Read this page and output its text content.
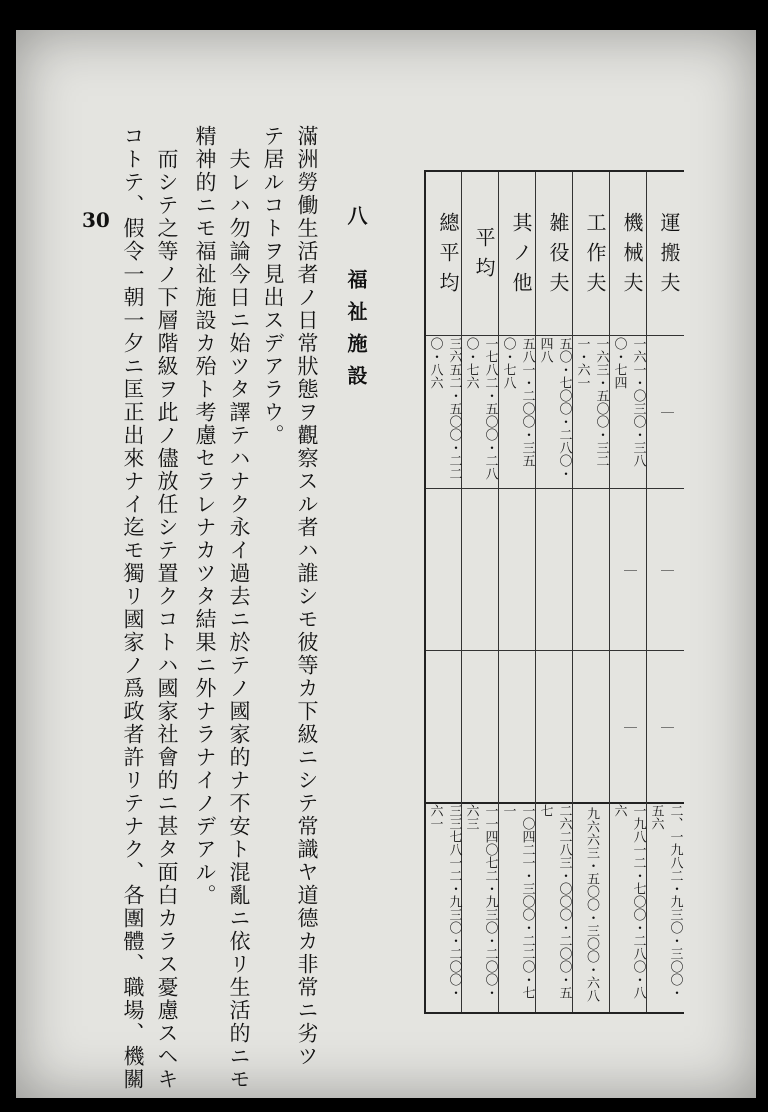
30	運搬夫
｜
｜
｜
二、一九八二・九三〇・三〇〇・五六
機械夫
一六一・〇三〇・三八〇・七四
｜
｜
一九八一二・七〇〇・二八〇・八六
工作夫
一六三・五〇〇・三二一・六一
九六六三・五〇〇・三〇〇・六八
雑役夫
五〇・七〇〇・二八〇・四八
二六二八三・〇〇〇・二〇〇・五七
其ノ他
五八一・二〇〇・三五〇・七八
一〇四二一・三〇〇・二二〇・七一
平均
一七八二・五〇〇・二八〇・七六
一一四〇七二・九三〇・二〇〇・六三
總平均
三六五二・五〇〇・二二〇・八六
三三七八一二・九三〇・二〇〇・六一
八　福祉施設
滿洲勞働生活者ノ日常狀態ヲ觀察スル者ハ誰シモ彼等カ下級ニシテ常識ヤ道德カ非常ニ劣ツ
テ居ルコトヲ見出スデアラウ。
夫レハ勿論今日ニ始ツタ譯テハナク永イ過去ニ於テノ國家的ナ不安ト混亂ニ依リ生活的ニモ
精神的ニモ福祉施設カ殆ト考慮セラレナカツタ結果ニ外ナラナイノデアル。
而シテ之等ノ下層階級ヲ此ノ儘放任シテ置クコトハ國家社會的ニ甚タ面白カラス憂慮スヘキ
コトテ、假令一朝一夕ニ匡正出來ナイ迄モ獨リ國家ノ爲政者許リテナク、各團體、職場、機關
